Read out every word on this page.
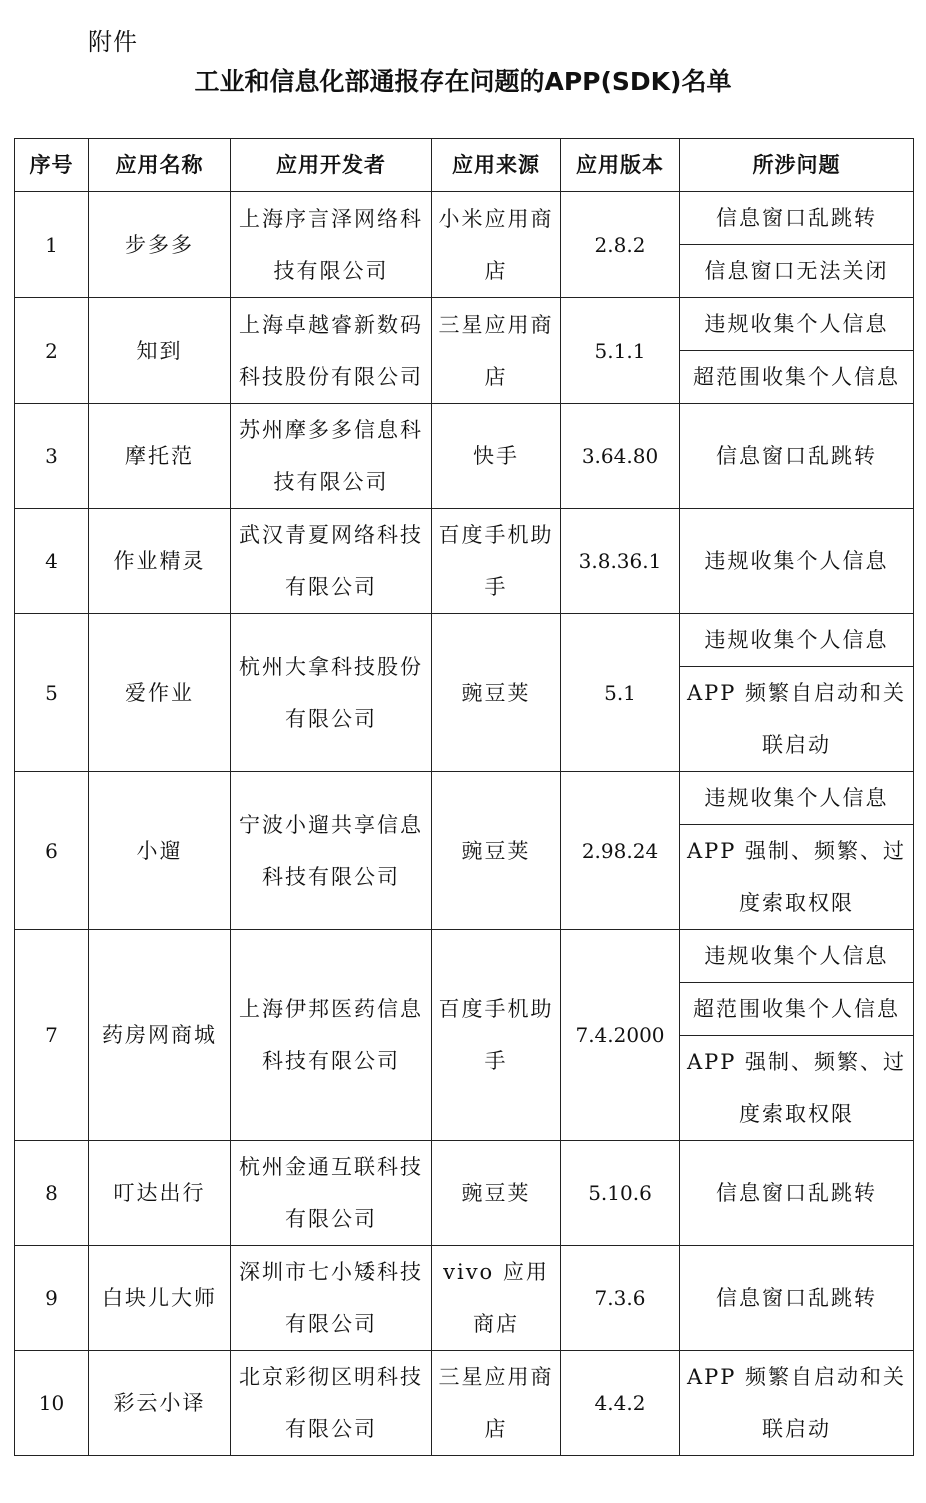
附件
工业和信息化部通报存在问题的APP(SDK)名单
序号	应用名称	应用开发者	应用来源	应用版本	所涉问题
1	步多多	上海序言泽网络科技有限公司	小米应用商店	2.8.2	信息窗口乱跳转
					信息窗口无法关闭
2	知到	上海卓越睿新数码科技股份有限公司	三星应用商店	5.1.1	违规收集个人信息
					超范围收集个人信息
3	摩托范	苏州摩多多信息科技有限公司	快手	3.64.80	信息窗口乱跳转
4	作业精灵	武汉青夏网络科技有限公司	百度手机助手	3.8.36.1	违规收集个人信息
5	爱作业	杭州大拿科技股份有限公司	豌豆荚	5.1	违规收集个人信息
					APP 频繁自启动和关联启动
6	小遛	宁波小遛共享信息科技有限公司	豌豆荚	2.98.24	违规收集个人信息
					APP 强制、频繁、过度索取权限
7	药房网商城	上海伊邦医药信息科技有限公司	百度手机助手	7.4.2000	违规收集个人信息
					超范围收集个人信息
					APP 强制、频繁、过度索取权限
8	叮达出行	杭州金通互联科技有限公司	豌豆荚	5.10.6	信息窗口乱跳转
9	白块儿大师	深圳市七小矮科技有限公司	vivo 应用商店	7.3.6	信息窗口乱跳转
10	彩云小译	北京彩彻区明科技有限公司	三星应用商店	4.4.2	APP 频繁自启动和关联启动
